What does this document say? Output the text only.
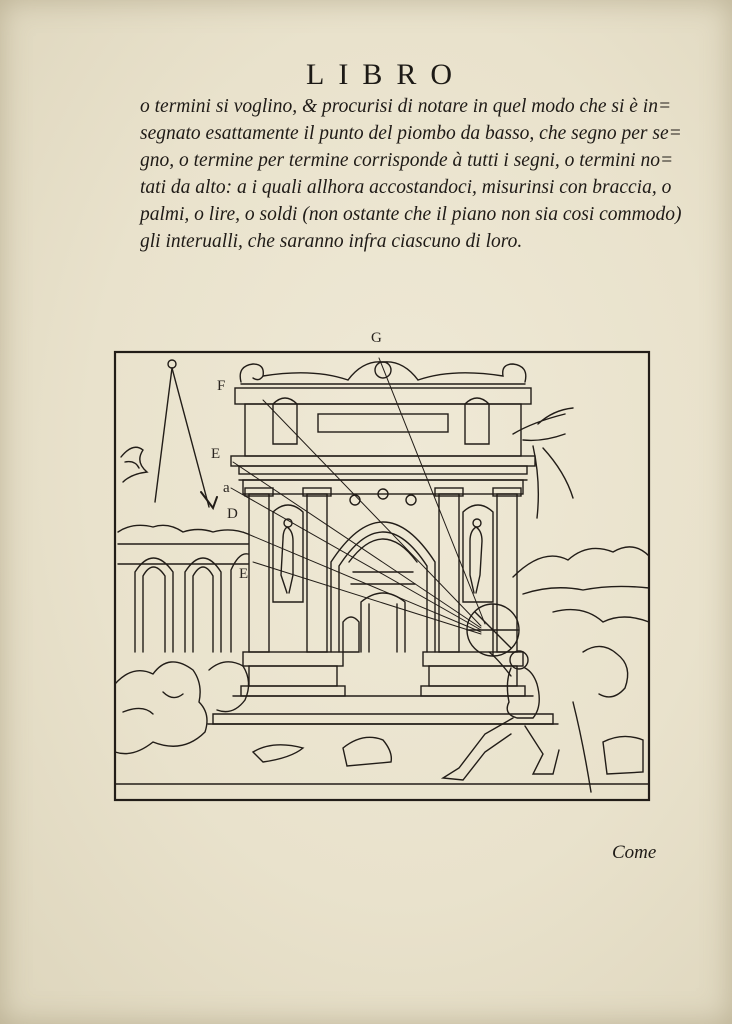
LIBRO
o termini si voglino, & procurisi di notare in quel modo che si è in=
segnato esattamente il punto del piombo da basso, che segno per se=
gno, o termine per termine corrisponde à tutti i segni, o termini no=
tati da alto: a i quali allhora accostandoci, misurinsi con braccia, o
palmi, o lire, o soldi (non ostante che il piano non sia cosi commodo)
gli interualli, che saranno infra ciascuno di loro.
G
F
E
a
D
E
Come
